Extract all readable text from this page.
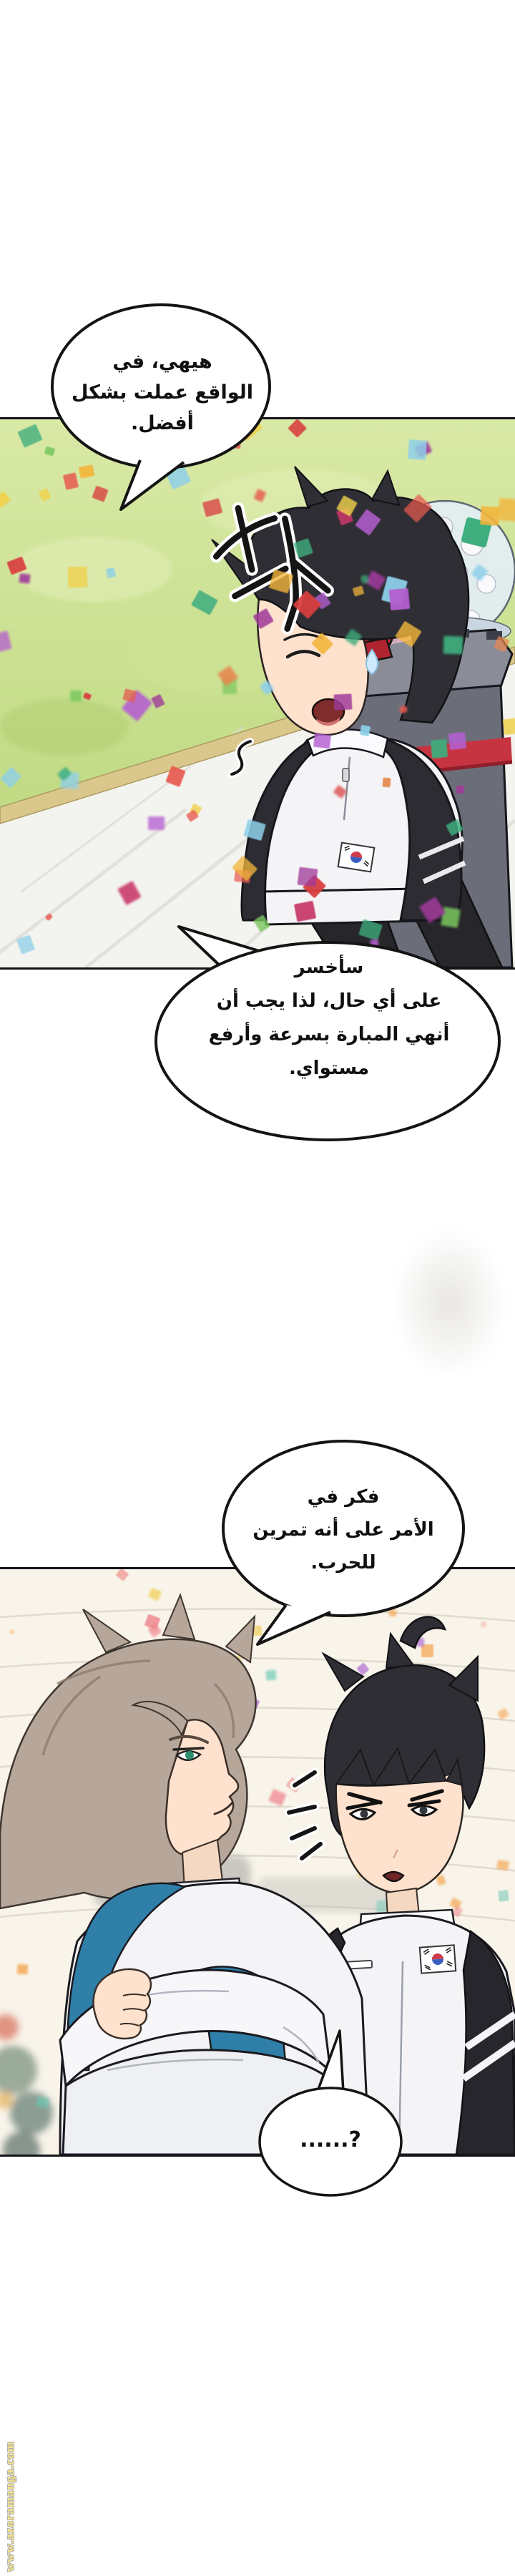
هيهي، في
الواقع عملت بشكل
أفضل.
سأخسر
على أي حال، لذا يجب أن
أنهي المبارة بسرعة وأرفع
مستواي.
فكر في
الأمر على أنه تمرين
للحرب.
......?
www.azoramanga.com
